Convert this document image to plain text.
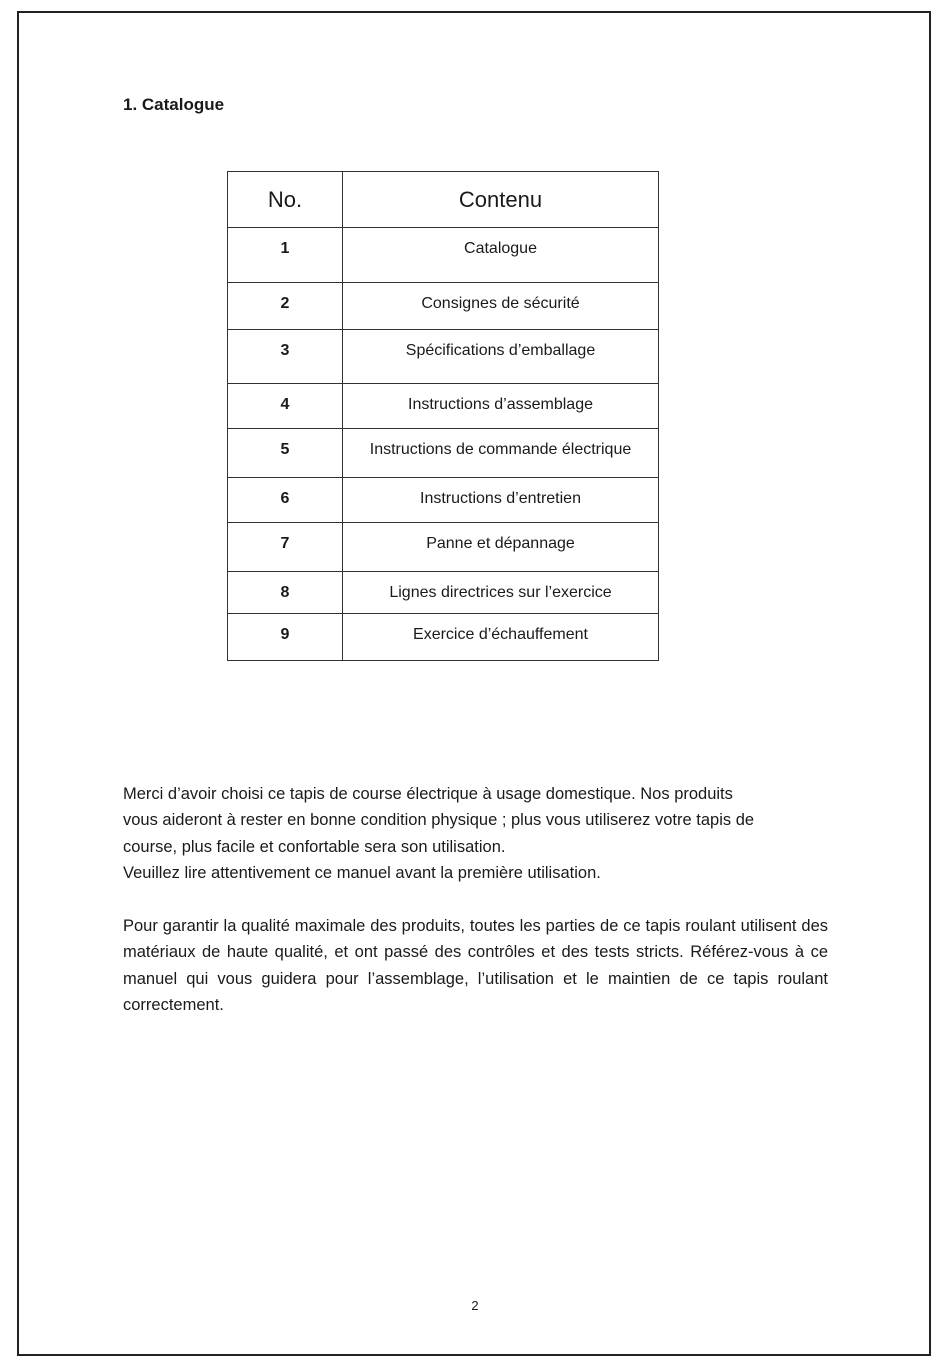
1. Catalogue
No.	Contenu
1	Catalogue
2	Consignes de sécurité
3	Spécifications d’emballage
4	Instructions d’assemblage
5	Instructions de commande électrique
6	Instructions d’entretien
7	Panne et dépannage
8	Lignes directrices sur l’exercice
9	Exercice d’échauffement
Merci d’avoir choisi ce tapis de course électrique à usage domestique. Nos produits
vous aideront à rester en bonne condition physique ; plus vous utiliserez votre tapis de
course, plus facile et confortable sera son utilisation.
Veuillez lire attentivement ce manuel avant la première utilisation.

Pour garantir la qualité maximale des produits, toutes les parties de ce tapis roulant utilisent des matériaux de haute qualité, et ont passé des contrôles et des tests stricts. Référez-vous à ce manuel qui vous guidera pour l’assemblage, l’utilisation et le maintien de ce tapis roulant correctement.

2
